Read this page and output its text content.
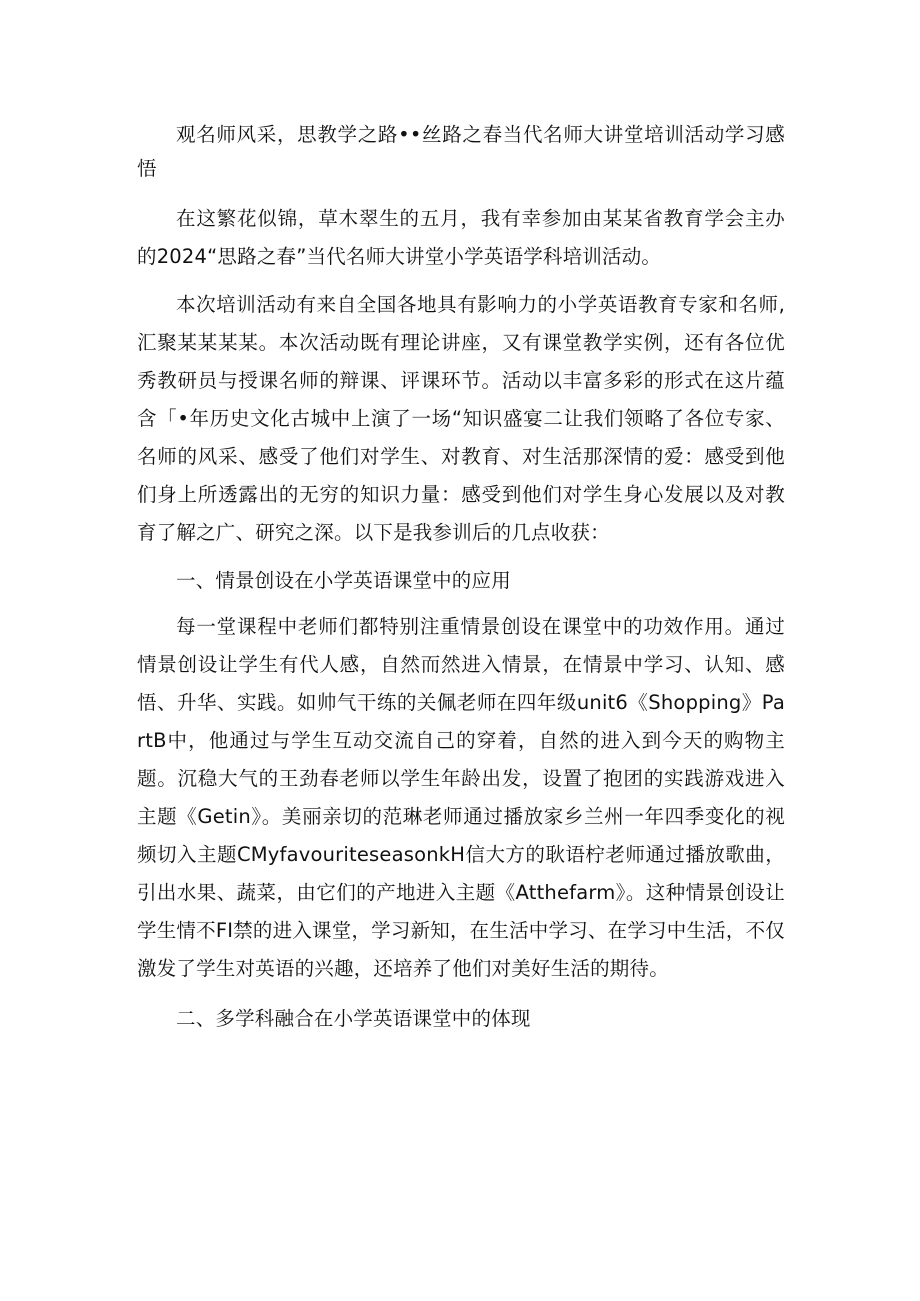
观名师风采，思教学之路••丝路之春当代名师大讲堂培训活动学习感悟

在这繁花似锦，草木翠生的五月，我有幸参加由某某省教育学会主办的2024“思路之春”当代名师大讲堂小学英语学科培训活动。

本次培训活动有来自全国各地具有影响力的小学英语教育专家和名师,汇聚某某某某。本次活动既有理论讲座，又有课堂教学实例，还有各位优秀教研员与授课名师的辩课、评课环节。活动以丰富多彩的形式在这片蕴含「•年历史文化古城中上演了一场“知识盛宴二让我们领略了各位专家、名师的风采、感受了他们对学生、对教育、对生活那深情的爱：感受到他们身上所透露出的无穷的知识力量：感受到他们对学生身心发展以及对教育了解之广、研究之深。以下是我参训后的几点收获：

一、情景创设在小学英语课堂中的应用

每一堂课程中老师们都特别注重情景创设在课堂中的功效作用。通过情景创设让学生有代人感，自然而然进入情景，在情景中学习、认知、感悟、升华、实践。如帅气干练的关佩老师在四年级unit6《Shopping》PartB中，他通过与学生互动交流自己的穿着，自然的进入到今天的购物主题。沉稳大气的王劲春老师以学生年龄出发，设置了抱团的实践游戏进入主题《Getin》。美丽亲切的范琳老师通过播放家乡兰州一年四季变化的视频切入主题CMyfavouriteseasonkH信大方的耿语柠老师通过播放歌曲，引出水果、蔬菜，由它们的产地进入主题《Atthefarm》。这种情景创设让学生情不FI禁的进入课堂，学习新知，在生活中学习、在学习中生活，不仅激发了学生对英语的兴趣，还培养了他们对美好生活的期待。

二、多学科融合在小学英语课堂中的体现
